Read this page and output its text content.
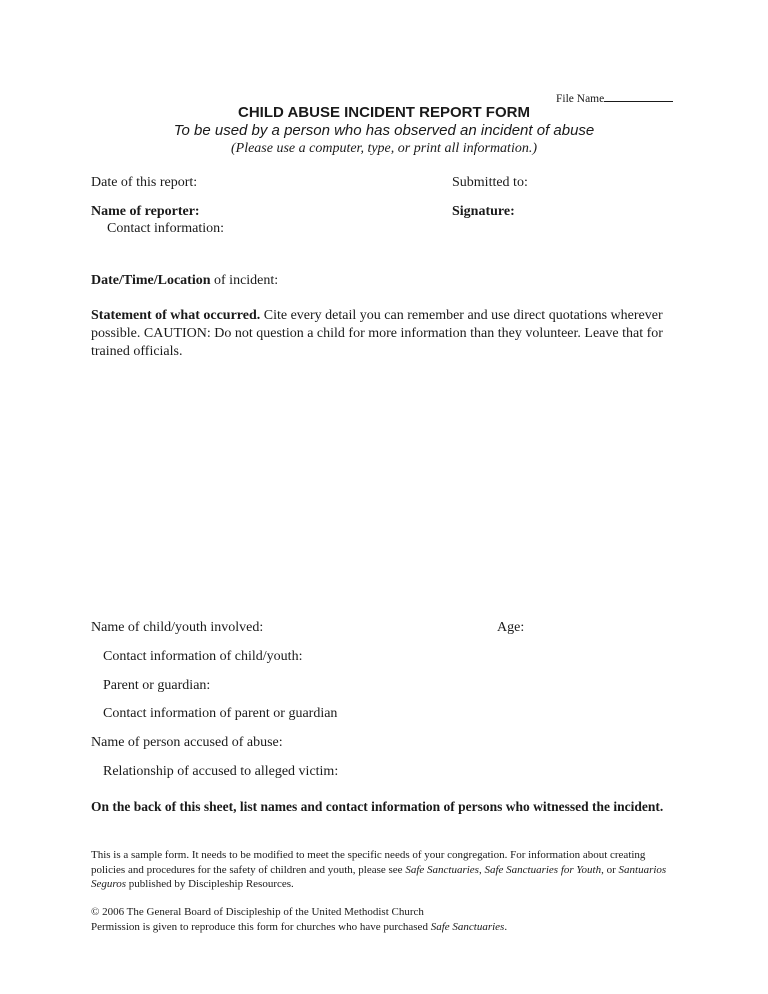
File Name
CHILD ABUSE INCIDENT REPORT FORM
To be used by a person who has observed an incident of abuse
(Please use a computer, type, or print all information.)
Date of this report:	Submitted to:
Name of reporter:	Signature:
Contact information:
Date/Time/Location of incident:
Statement of what occurred. Cite every detail you can remember and use direct quotations wherever possible. CAUTION: Do not question a child for more information than they volunteer. Leave that for trained officials.
Name of child/youth involved:	Age:
Contact information of child/youth:
Parent or guardian:
Contact information of parent or guardian
Name of person accused of abuse:
Relationship of accused to alleged victim:
On the back of this sheet, list names and contact information of persons who witnessed the incident.
This is a sample form. It needs to be modified to meet the specific needs of your congregation. For information about creating policies and procedures for the safety of children and youth, please see Safe Sanctuaries, Safe Sanctuaries for Youth, or Santuarios Seguros published by Discipleship Resources.
© 2006 The General Board of Discipleship of the United Methodist Church
Permission is given to reproduce this form for churches who have purchased Safe Sanctuaries.
